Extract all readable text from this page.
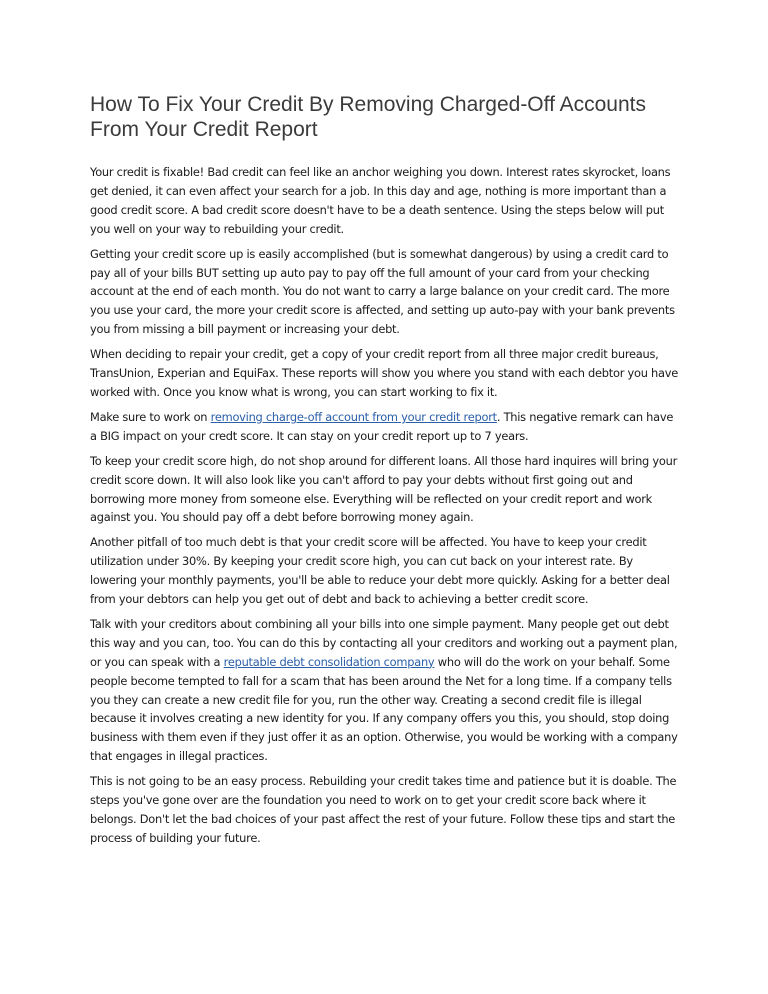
How To Fix Your Credit By Removing Charged-Off Accounts From Your Credit Report

Your credit is fixable! Bad credit can feel like an anchor weighing you down. Interest rates skyrocket, loans get denied, it can even affect your search for a job. In this day and age, nothing is more important than a good credit score. A bad credit score doesn't have to be a death sentence. Using the steps below will put you well on your way to rebuilding your credit.

Getting your credit score up is easily accomplished (but is somewhat dangerous) by using a credit card to pay all of your bills BUT setting up auto pay to pay off the full amount of your card from your checking account at the end of each month. You do not want to carry a large balance on your credit card. The more you use your card, the more your credit score is affected, and setting up auto-pay with your bank prevents you from missing a bill payment or increasing your debt.

When deciding to repair your credit, get a copy of your credit report from all three major credit bureaus, TransUnion, Experian and EquiFax. These reports will show you where you stand with each debtor you have worked with. Once you know what is wrong, you can start working to fix it.

Make sure to work on removing charge-off account from your credit report. This negative remark can have a BIG impact on your credt score. It can stay on your credit report up to 7 years.

To keep your credit score high, do not shop around for different loans. All those hard inquires will bring your credit score down. It will also look like you can't afford to pay your debts without first going out and borrowing more money from someone else. Everything will be reflected on your credit report and work against you. You should pay off a debt before borrowing money again.

Another pitfall of too much debt is that your credit score will be affected. You have to keep your credit utilization under 30%. By keeping your credit score high, you can cut back on your interest rate. By lowering your monthly payments, you'll be able to reduce your debt more quickly. Asking for a better deal from your debtors can help you get out of debt and back to achieving a better credit score.

Talk with your creditors about combining all your bills into one simple payment. Many people get out debt this way and you can, too. You can do this by contacting all your creditors and working out a payment plan, or you can speak with a reputable debt consolidation company who will do the work on your behalf. Some people become tempted to fall for a scam that has been around the Net for a long time. If a company tells you they can create a new credit file for you, run the other way. Creating a second credit file is illegal because it involves creating a new identity for you. If any company offers you this, you should, stop doing business with them even if they just offer it as an option. Otherwise, you would be working with a company that engages in illegal practices.

This is not going to be an easy process. Rebuilding your credit takes time and patience but it is doable. The steps you've gone over are the foundation you need to work on to get your credit score back where it belongs. Don't let the bad choices of your past affect the rest of your future. Follow these tips and start the process of building your future.
